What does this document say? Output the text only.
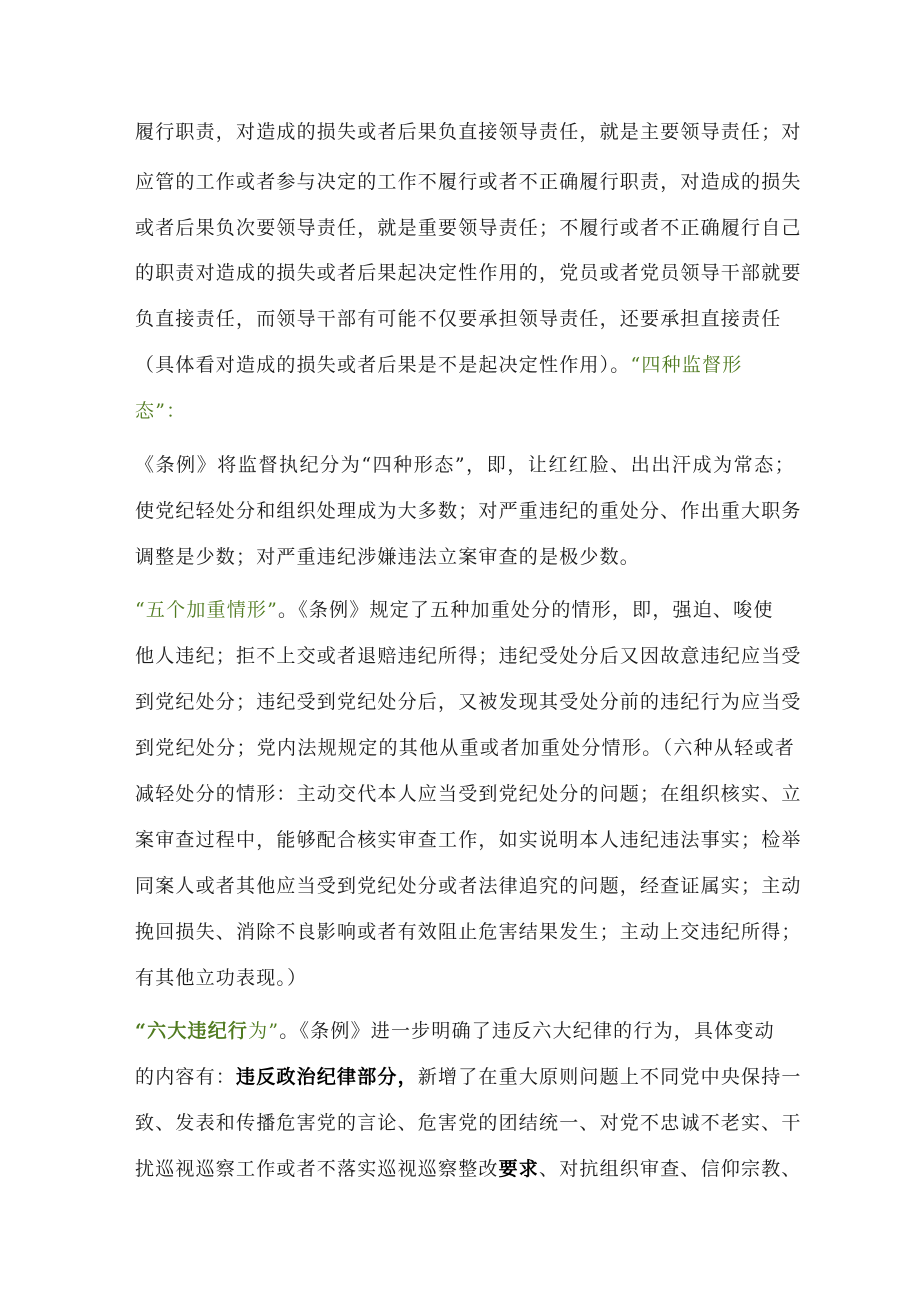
履行职责，对造成的损失或者后果负直接领导责任，就是主要领导责任；对
应管的工作或者参与决定的工作不履行或者不正确履行职责，对造成的损失
或者后果负次要领导责任，就是重要领导责任；不履行或者不正确履行自己
的职责对造成的损失或者后果起决定性作用的，党员或者党员领导干部就要
负直接责任，而领导干部有可能不仅要承担领导责任，还要承担直接责任
（具体看对造成的损失或者后果是不是起决定性作用）。“四种监督形
态”：
《条例》将监督执纪分为“四种形态”，即，让红红脸、出出汗成为常态；
使党纪轻处分和组织处理成为大多数；对严重违纪的重处分、作出重大职务
调整是少数；对严重违纪涉嫌违法立案审查的是极少数。
“五个加重情形”。《条例》规定了五种加重处分的情形，即，强迫、唆使
他人违纪；拒不上交或者退赔违纪所得；违纪受处分后又因故意违纪应当受
到党纪处分；违纪受到党纪处分后，又被发现其受处分前的违纪行为应当受
到党纪处分；党内法规规定的其他从重或者加重处分情形。（六种从轻或者
减轻处分的情形：主动交代本人应当受到党纪处分的问题；在组织核实、立
案审查过程中，能够配合核实审查工作，如实说明本人违纪违法事实；检举
同案人或者其他应当受到党纪处分或者法律追究的问题，经查证属实；主动
挽回损失、消除不良影响或者有效阻止危害结果发生；主动上交违纪所得；
有其他立功表现。）
“六大违纪行为”。《条例》进一步明确了违反六大纪律的行为，具体变动
的内容有：违反政治纪律部分，新增了在重大原则问题上不同党中央保持一
致、发表和传播危害党的言论、危害党的团结统一、对党不忠诚不老实、干
扰巡视巡察工作或者不落实巡视巡察整改要求、对抗组织审查、信仰宗教、
